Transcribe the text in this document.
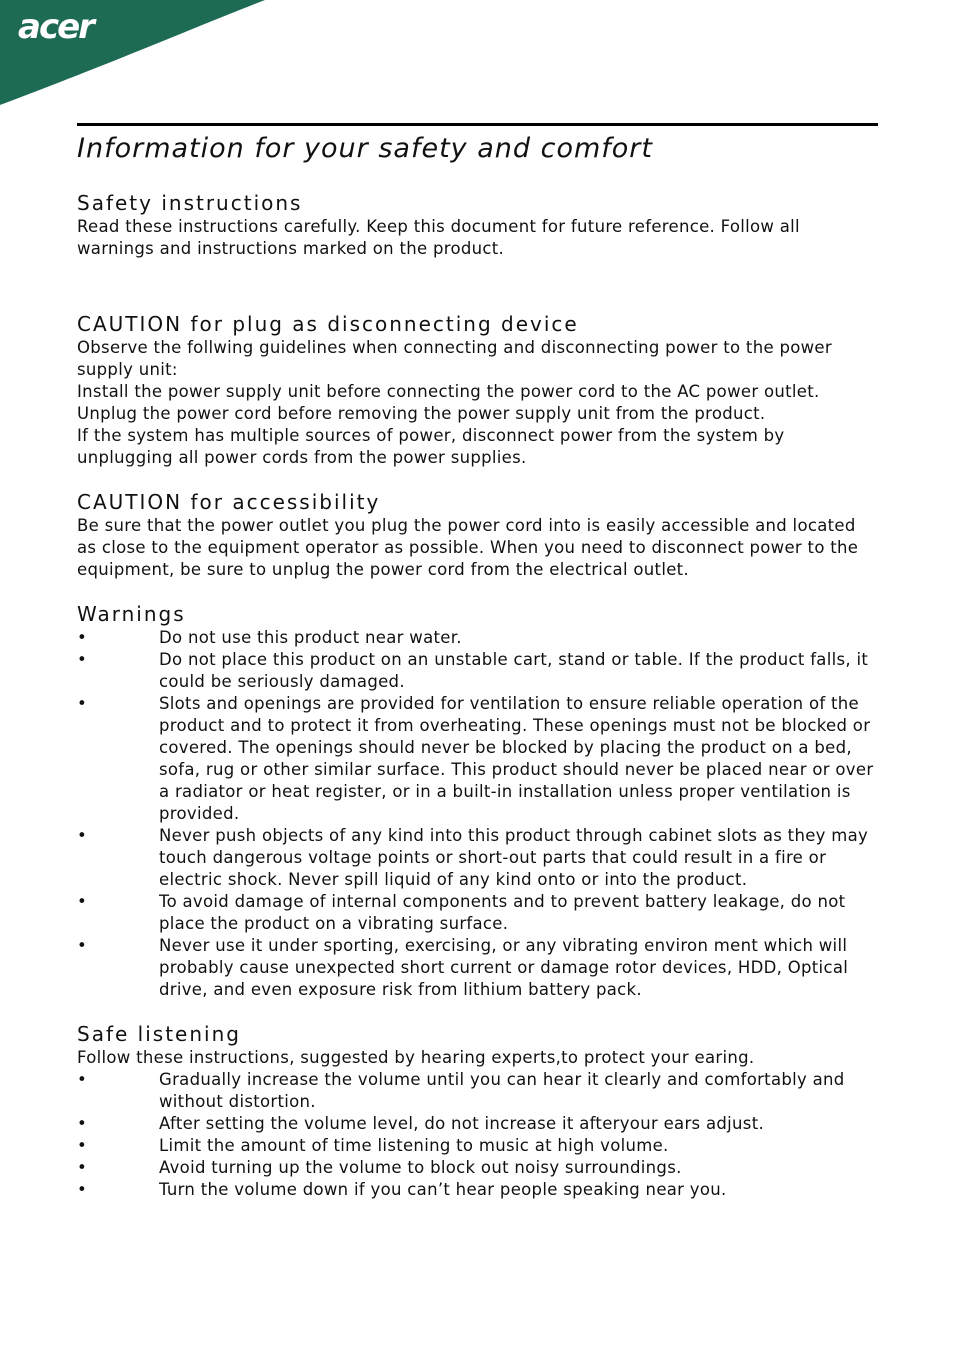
acer
Information for your safety and comfort
Safety instructions

Read these instructions carefully. Keep this document for future reference. Follow all warnings and instructions marked on the product.

CAUTION for plug as disconnecting device

Observe the follwing guidelines when connecting and disconnecting power to the power supply unit:

Install the power supply unit before connecting the power cord to the AC power outlet.

Unplug the power cord before removing the power supply unit from the product.

If the system has multiple sources of power, disconnect power from the system by unplugging all power cords from the power supplies.

CAUTION for accessibility

Be sure that the power outlet you plug the power cord into is easily accessible and located as close to the equipment operator as possible. When you need to disconnect power to the equipment, be sure to unplug the power cord from the electrical outlet.

Warnings
•	Do not use this product near water.
•	Do not place this product on an unstable cart, stand or table. If the product falls, it could be seriously damaged.
•	Slots and openings are provided for ventilation to ensure reliable operation of the product and to protect it from overheating. These openings must not be blocked or covered. The openings should never be blocked by placing the product on a bed, sofa, rug or other similar surface. This product should never be placed near or over a radiator or heat register, or in a built-in installation unless proper ventilation is provided.
•	Never push objects of any kind into this product through cabinet slots as they may touch dangerous voltage points or short-out parts that could result in a fire or electric shock. Never spill liquid of any kind onto or into the product.
•	To avoid damage of internal components and to prevent battery leakage, do not place the product on a vibrating surface.
•	Never use it under sporting, exercising, or any vibrating environ ment which will probably cause unexpected short current or damage rotor devices, HDD, Optical drive, and even exposure risk from lithium battery pack.
Safe listening

Follow these instructions, suggested by hearing experts,to protect your earing.

•	Gradually increase the volume until you can hear it clearly and comfortably and without distortion.
•	After setting the volume level, do not increase it afteryour ears adjust.
•	Limit the amount of time listening to music at high volume.
•	Avoid turning up the volume to block out noisy surroundings.
•	Turn the volume down if you can’t hear people speaking near you.
